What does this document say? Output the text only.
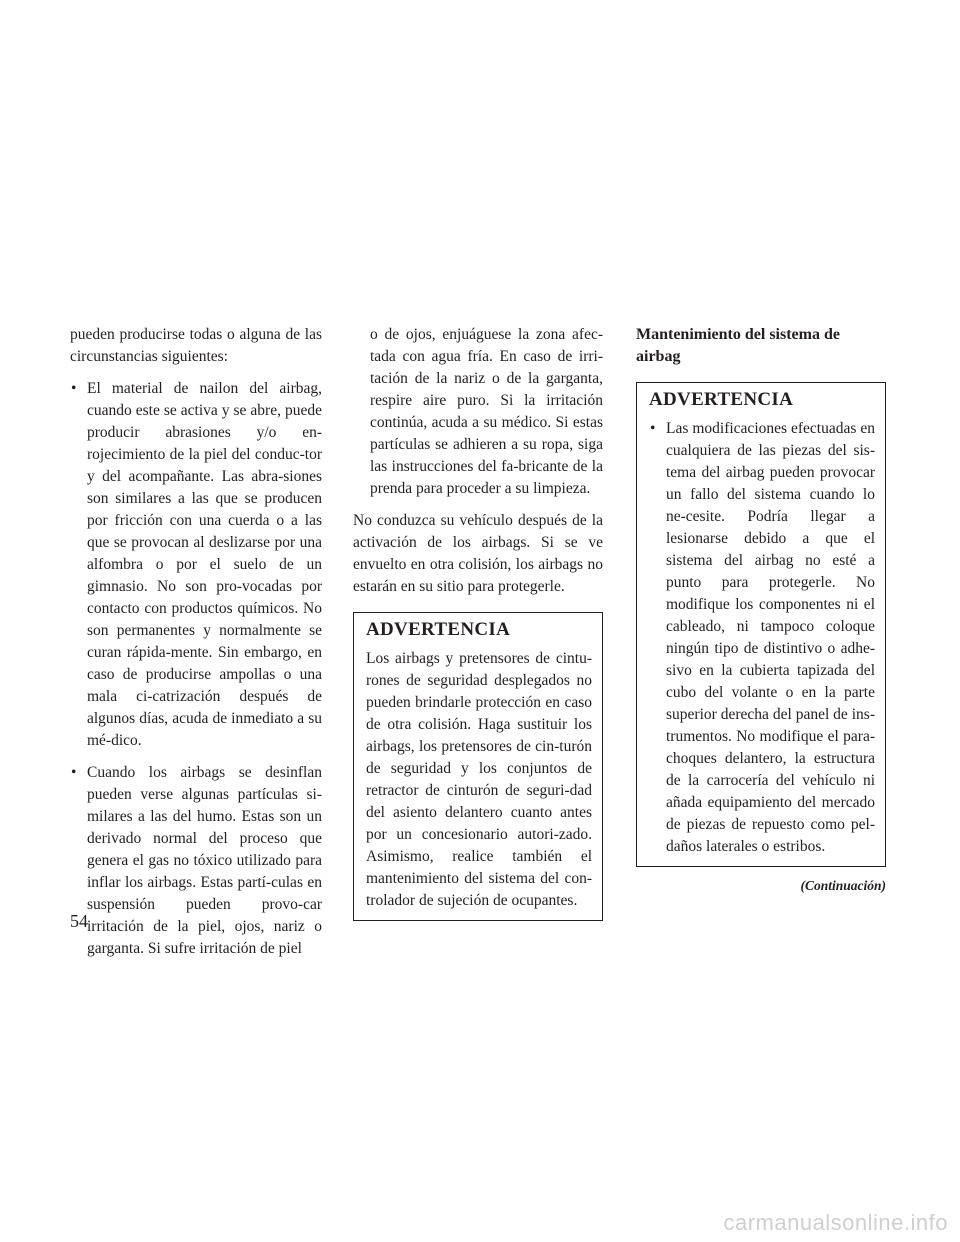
pueden producirse todas o alguna de las circunstancias siguientes:

• El material de nailon del airbag, cuando este se activa y se abre, puede producir abrasiones y/o en-rojecimiento de la piel del conduc-tor y del acompañante. Las abra-siones son similares a las que se producen por fricción con una cuerda o a las que se provocan al deslizarse por una alfombra o por el suelo de un gimnasio. No son pro-vocadas por contacto con productos químicos. No son permanentes y normalmente se curan rápida-mente. Sin embargo, en caso de producirse ampollas o una mala ci-catrización después de algunos días, acuda de inmediato a su mé-dico.
• Cuando los airbags se desinflan pueden verse algunas partículas si-milares a las del humo. Estas son un derivado normal del proceso que genera el gas no tóxico utilizado para inflar los airbags. Estas partí-culas en suspensión pueden provo-car irritación de la piel, ojos, nariz o garganta. Si sufre irritación de piel
o de ojos, enjuáguese la zona afec-tada con agua fría. En caso de irri-tación de la nariz o de la garganta, respire aire puro. Si la irritación continúa, acuda a su médico. Si estas partículas se adhieren a su ropa, siga las instrucciones del fa-bricante de la prenda para proceder a su limpieza.

No conduzca su vehículo después de la activación de los airbags. Si se ve envuelto en otra colisión, los airbags no estarán en su sitio para protegerle.

ADVERTENCIA
Los airbags y pretensores de cintu-rones de seguridad desplegados no pueden brindarle protección en caso de otra colisión. Haga sustituir los airbags, los pretensores de cin-turón de seguridad y los conjuntos de retractor de cinturón de seguri-dad del asiento delantero cuanto antes por un concesionario autori-zado. Asimismo, realice también el mantenimiento del sistema del con-trolador de sujeción de ocupantes.
Mantenimiento del sistema de airbag
ADVERTENCIA
• Las modificaciones efectuadas en cualquiera de las piezas del sis-tema del airbag pueden provocar un fallo del sistema cuando lo ne-cesite. Podría llegar a lesionarse debido a que el sistema del airbag no esté a punto para protegerle. No modifique los componentes ni el cableado, ni tampoco coloque ningún tipo de distintivo o adhe-sivo en la cubierta tapizada del cubo del volante o en la parte superior derecha del panel de ins-trumentos. No modifique el para-choques delantero, la estructura de la carrocería del vehículo ni añada equipamiento del mercado de piezas de repuesto como pel-daños laterales o estribos.
(Continuación)
54
carmanualsonline.info
